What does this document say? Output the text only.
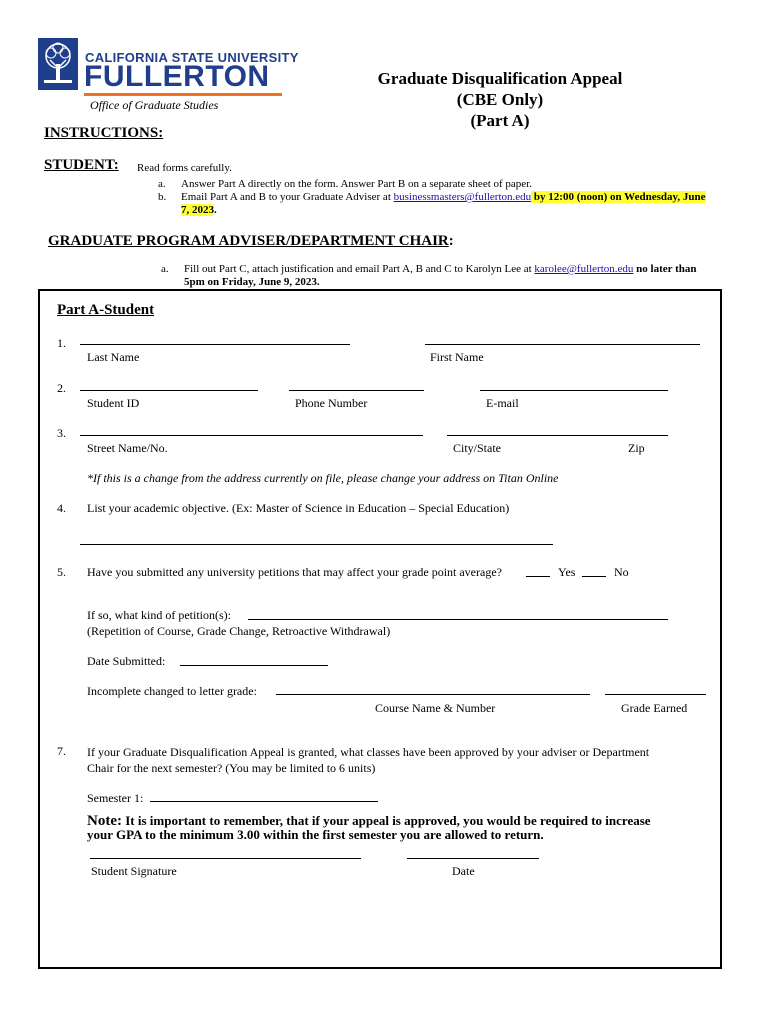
CALIFORNIA STATE UNIVERSITY
FULLERTON
Office of Graduate Studies
Graduate Disqualification Appeal
(CBE Only)
(Part A)
INSTRUCTIONS:
STUDENT: Read forms carefully.
a. Answer Part A directly on the form. Answer Part B on a separate sheet of paper.
b. Email Part A and B to your Graduate Adviser at businessmasters@fullerton.edu by 12:00 (noon) on Wednesday, June
7, 2023.
GRADUATE PROGRAM ADVISER/DEPARTMENT CHAIR:
a. Fill out Part C, attach justification and email Part A, B and C to Karolyn Lee at karolee@fullerton.edu no later than
5pm on Friday, June 9, 2023.
Part A-Student
1.
Last Name	First Name
2.
Student ID	Phone Number	E-mail
3.
Street Name/No.	City/State	Zip
*If this is a change from the address currently on file, please change your address on Titan Online
4. List your academic objective. (Ex: Master of Science in Education – Special Education)
5. Have you submitted any university petitions that may affect your grade point average?	Yes	No
If so, what kind of petition(s):
(Repetition of Course, Grade Change, Retroactive Withdrawal)
Date Submitted:
Incomplete changed to letter grade:
Course Name & Number	Grade Earned
7. If your Graduate Disqualification Appeal is granted, what classes have been approved by your adviser or Department
Chair for the next semester? (You may be limited to 6 units)
Semester 1:
Note: It is important to remember, that if your appeal is approved, you would be required to increase
your GPA to the minimum 3.00 within the first semester you are allowed to return.
Student Signature	Date
